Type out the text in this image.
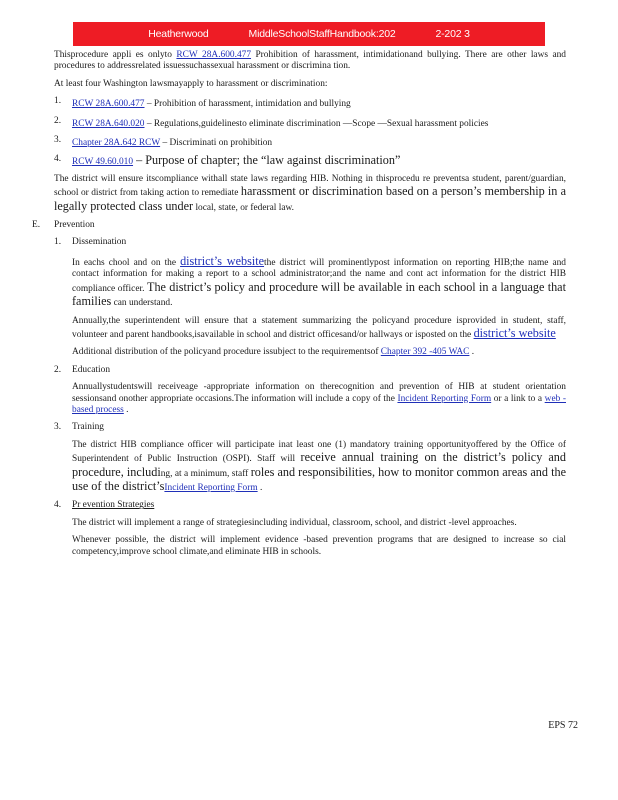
Heatherwood	MiddleSchoolStaffHandbook:202	2-202 3

Thisprocedure appli es onlyto RCW 28A.600.477 Prohibition of harassment, intimidationand bullying. There are other laws and procedures to addressrelated issuessuchassexual harassment or discrimina tion.

At least four Washington lawsmayapply to harassment or discrimination:

1.	RCW 28A.600.477 – Prohibition of harassment, intimidation and bullying
2.	RCW 28A.640.020 – Regulations,guidelinesto eliminate discrimination —Scope —Sexual harassment policies
3.	Chapter 28A.642 RCW – Discriminati on prohibition
4.	RCW 49.60.010 – Purpose of chapter; the “law against discrimination”

The district will ensure itscompliance withall state laws regarding HIB. Nothing in thisprocedu re preventsa student, parent/guardian, school or district from taking action to remediate harassment or discrimination based on a person’s membership in a legally protected class under local, state, or federal law.

E.	Prevention
1.	Dissemination

In eachs chool and on the district’s websitethe district will prominentlypost information on reporting HIB;the name and contact information for making a report to a school administrator;and the name and cont act information for the district HIB compliance officer. The district’s policy and procedure will be available in each school in a language that families can understand.

Annually,the superintendent will ensure that a statement summarizing the policyand procedure isprovided in student, staff, volunteer and parent handbooks,isavailable in school and district officesand/or hallways or isposted on the district’s website

Additional distribution of the policyand procedure issubject to the requirementsof Chapter 392 -405 WAC .

2.	Education

Annuallystudentswill receiveage -appropriate information on therecognition and prevention of HIB at student orientation sessionsand onother appropriate occasions.The information will include a copy of the Incident Reporting Form or a link to a web -based process .

3.	Training

The district HIB compliance officer will participate inat least one (1) mandatory training opportunityoffered by the Office of Superintendent of Public Instruction (OSPI). Staff will receive annual training on the district’s policy and procedure, including, at a minimum, staff roles and responsibilities, how to monitor common areas and the use of the district’sIncident Reporting Form .

4.	Pr evention Strategies

The district will implement a range of strategiesincluding individual, classroom, school, and district -level approaches.

Whenever possible, the district will implement evidence -based prevention programs that are designed to increase so cial competency,improve school climate,and eliminate HIB in schools.

EPS 72
